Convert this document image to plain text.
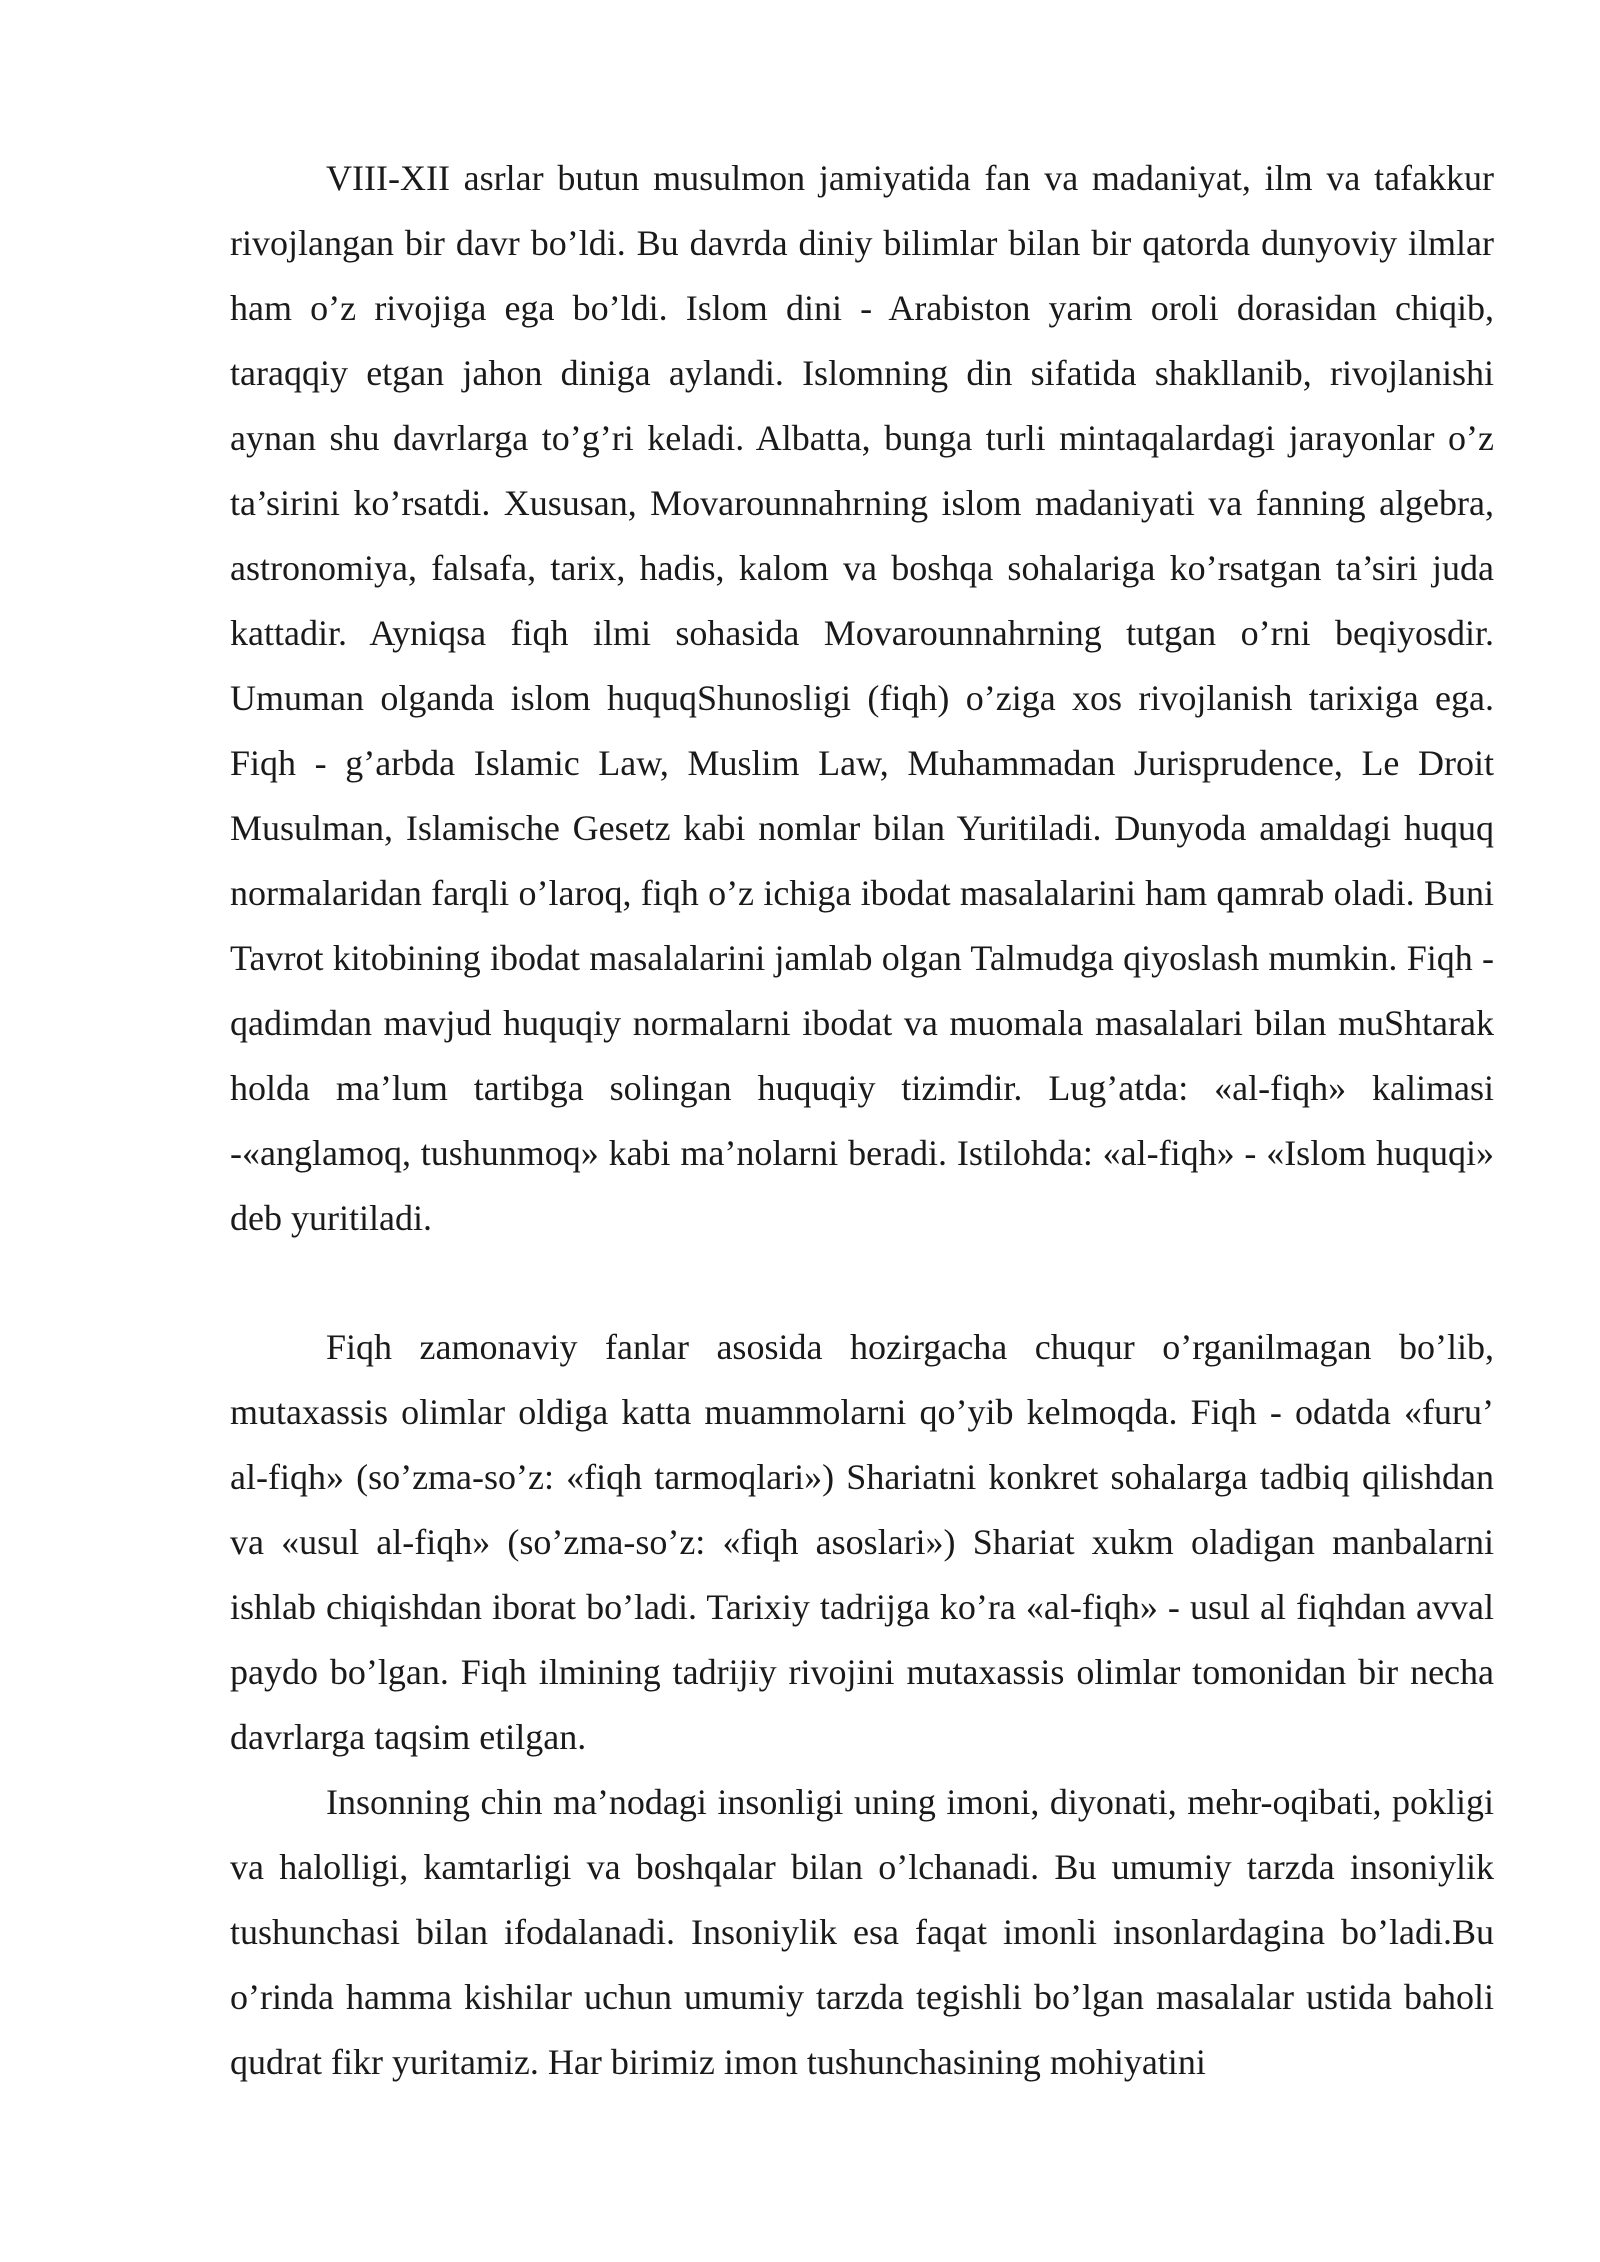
VIII-XII asrlar butun musulmon jamiyatida fan va madaniyat, ilm va tafakkur rivojlangan bir davr bo’ldi. Bu davrda diniy bilimlar bilan bir qatorda dunyoviy ilmlar ham o’z rivojiga ega bo’ldi. Islom dini - Arabiston yarim oroli dorasidan chiqib, taraqqiy etgan jahon diniga aylandi. Islomning din sifatida shakllanib, rivojlanishi aynan shu davrlarga to’g’ri keladi. Albatta, bunga turli mintaqalardagi jarayonlar o’z ta’sirini ko’rsatdi. Xususan, Movarounnahrning islom madaniyati va fanning algebra, astronomiya, falsafa, tarix, hadis, kalom va boshqa sohalariga ko’rsatgan ta’siri juda kattadir. Ayniqsa fiqh ilmi sohasida Movarounnahrning tutgan o’rni beqiyosdir. Umuman olganda islom huquqShunosligi (fiqh) o’ziga xos rivojlanish tarixiga ega. Fiqh - g’arbda Islamic Law, Muslim Law, Muhammadan Jurisprudence, Le Droit Musulman, Islamische Gesetz kabi nomlar bilan Yuritiladi. Dunyoda amaldagi huquq normalaridan farqli o’laroq, fiqh o’z ichiga ibodat masalalarini ham qamrab oladi. Buni Tavrot kitobining ibodat masalalarini jamlab olgan Talmudga qiyoslash mumkin. Fiqh - qadimdan mavjud huquqiy normalarni ibodat va muomala masalalari bilan muShtarak holda ma’lum tartibga solingan huquqiy tizimdir. Lug’atda: «al-fiqh» kalimasi -«anglamoq, tushunmoq» kabi ma’nolarni beradi. Istilohda: «al-fiqh» - «Islom huquqi» deb yuritiladi.

Fiqh zamonaviy fanlar asosida hozirgacha chuqur o’rganilmagan bo’lib, mutaxassis olimlar oldiga katta muammolarni qo’yib kelmoqda. Fiqh - odatda «furu’ al-fiqh» (so’zma-so’z: «fiqh tarmoqlari») Shariatni konkret sohalarga tadbiq qilishdan va «usul al-fiqh» (so’zma-so’z: «fiqh asoslari») Shariat xukm oladigan manbalarni ishlab chiqishdan iborat bo’ladi. Tarixiy tadrijga ko’ra «al-fiqh» - usul al fiqhdan avval paydo bo’lgan. Fiqh ilmining tadrijiy rivojini mutaxassis olimlar tomonidan bir necha davrlarga taqsim etilgan.

Insonning chin ma’nodagi insonligi uning imoni, diyonati, mehr-oqibati, pokligi va halolligi, kamtarligi va boshqalar bilan o’lchanadi. Bu umumiy tarzda insoniylik tushunchasi bilan ifodalanadi. Insoniylik esa faqat imonli insonlardagina bo’ladi.Bu o’rinda hamma kishilar uchun umumiy tarzda tegishli bo’lgan masalalar ustida baholi qudrat fikr yuritamiz. Har birimiz imon tushunchasining mohiyatini
